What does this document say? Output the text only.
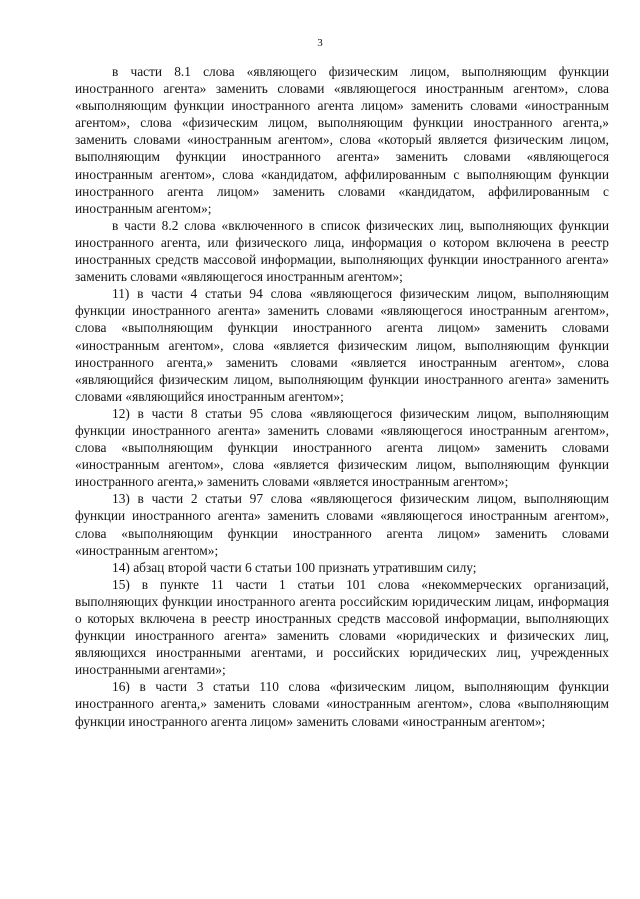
3

в части 8.1 слова «являющего физическим лицом, выполняющим функции иностранного агента» заменить словами «являющегося иностранным агентом», слова «выполняющим функции иностранного агента лицом» заменить словами «иностранным агентом», слова «физическим лицом, выполняющим функции иностранного агента,» заменить словами «иностранным агентом», слова «который является физическим лицом, выполняющим функции иностранного агента» заменить словами «являющегося иностранным агентом», слова «кандидатом, аффилированным с выполняющим функции иностранного агента лицом» заменить словами «кандидатом, аффилированным с иностранным агентом»;

в части 8.2 слова «включенного в список физических лиц, выполняющих функции иностранного агента, или физического лица, информация о котором включена в реестр иностранных средств массовой информации, выполняющих функции иностранного агента» заменить словами «являющегося иностранным агентом»;

11) в части 4 статьи 94 слова «являющегося физическим лицом, выполняющим функции иностранного агента» заменить словами «являющегося иностранным агентом», слова «выполняющим функции иностранного агента лицом» заменить словами «иностранным агентом», слова «является физическим лицом, выполняющим функции иностранного агента,» заменить словами «является иностранным агентом», слова «являющийся физическим лицом, выполняющим функции иностранного агента» заменить словами «являющийся иностранным агентом»;

12) в части 8 статьи 95 слова «являющегося физическим лицом, выполняющим функции иностранного агента» заменить словами «являющегося иностранным агентом», слова «выполняющим функции иностранного агента лицом» заменить словами «иностранным агентом», слова «является физическим лицом, выполняющим функции иностранного агента,» заменить словами «является иностранным агентом»;

13) в части 2 статьи 97 слова «являющегося физическим лицом, выполняющим функции иностранного агента» заменить словами «являющегося иностранным агентом», слова «выполняющим функции иностранного агента лицом» заменить словами «иностранным агентом»;

14) абзац второй части 6 статьи 100 признать утратившим силу;

15) в пункте 11 части 1 статьи 101 слова «некоммерческих организаций, выполняющих функции иностранного агента российским юридическим лицам, информация о которых включена в реестр иностранных средств массовой информации, выполняющих функции иностранного агента» заменить словами «юридических и физических лиц, являющихся иностранными агентами, и российских юридических лиц, учрежденных иностранными агентами»;

16) в части 3 статьи 110 слова «физическим лицом, выполняющим функции иностранного агента,» заменить словами «иностранным агентом», слова «выполняющим функции иностранного агента лицом» заменить словами «иностранным агентом»;
